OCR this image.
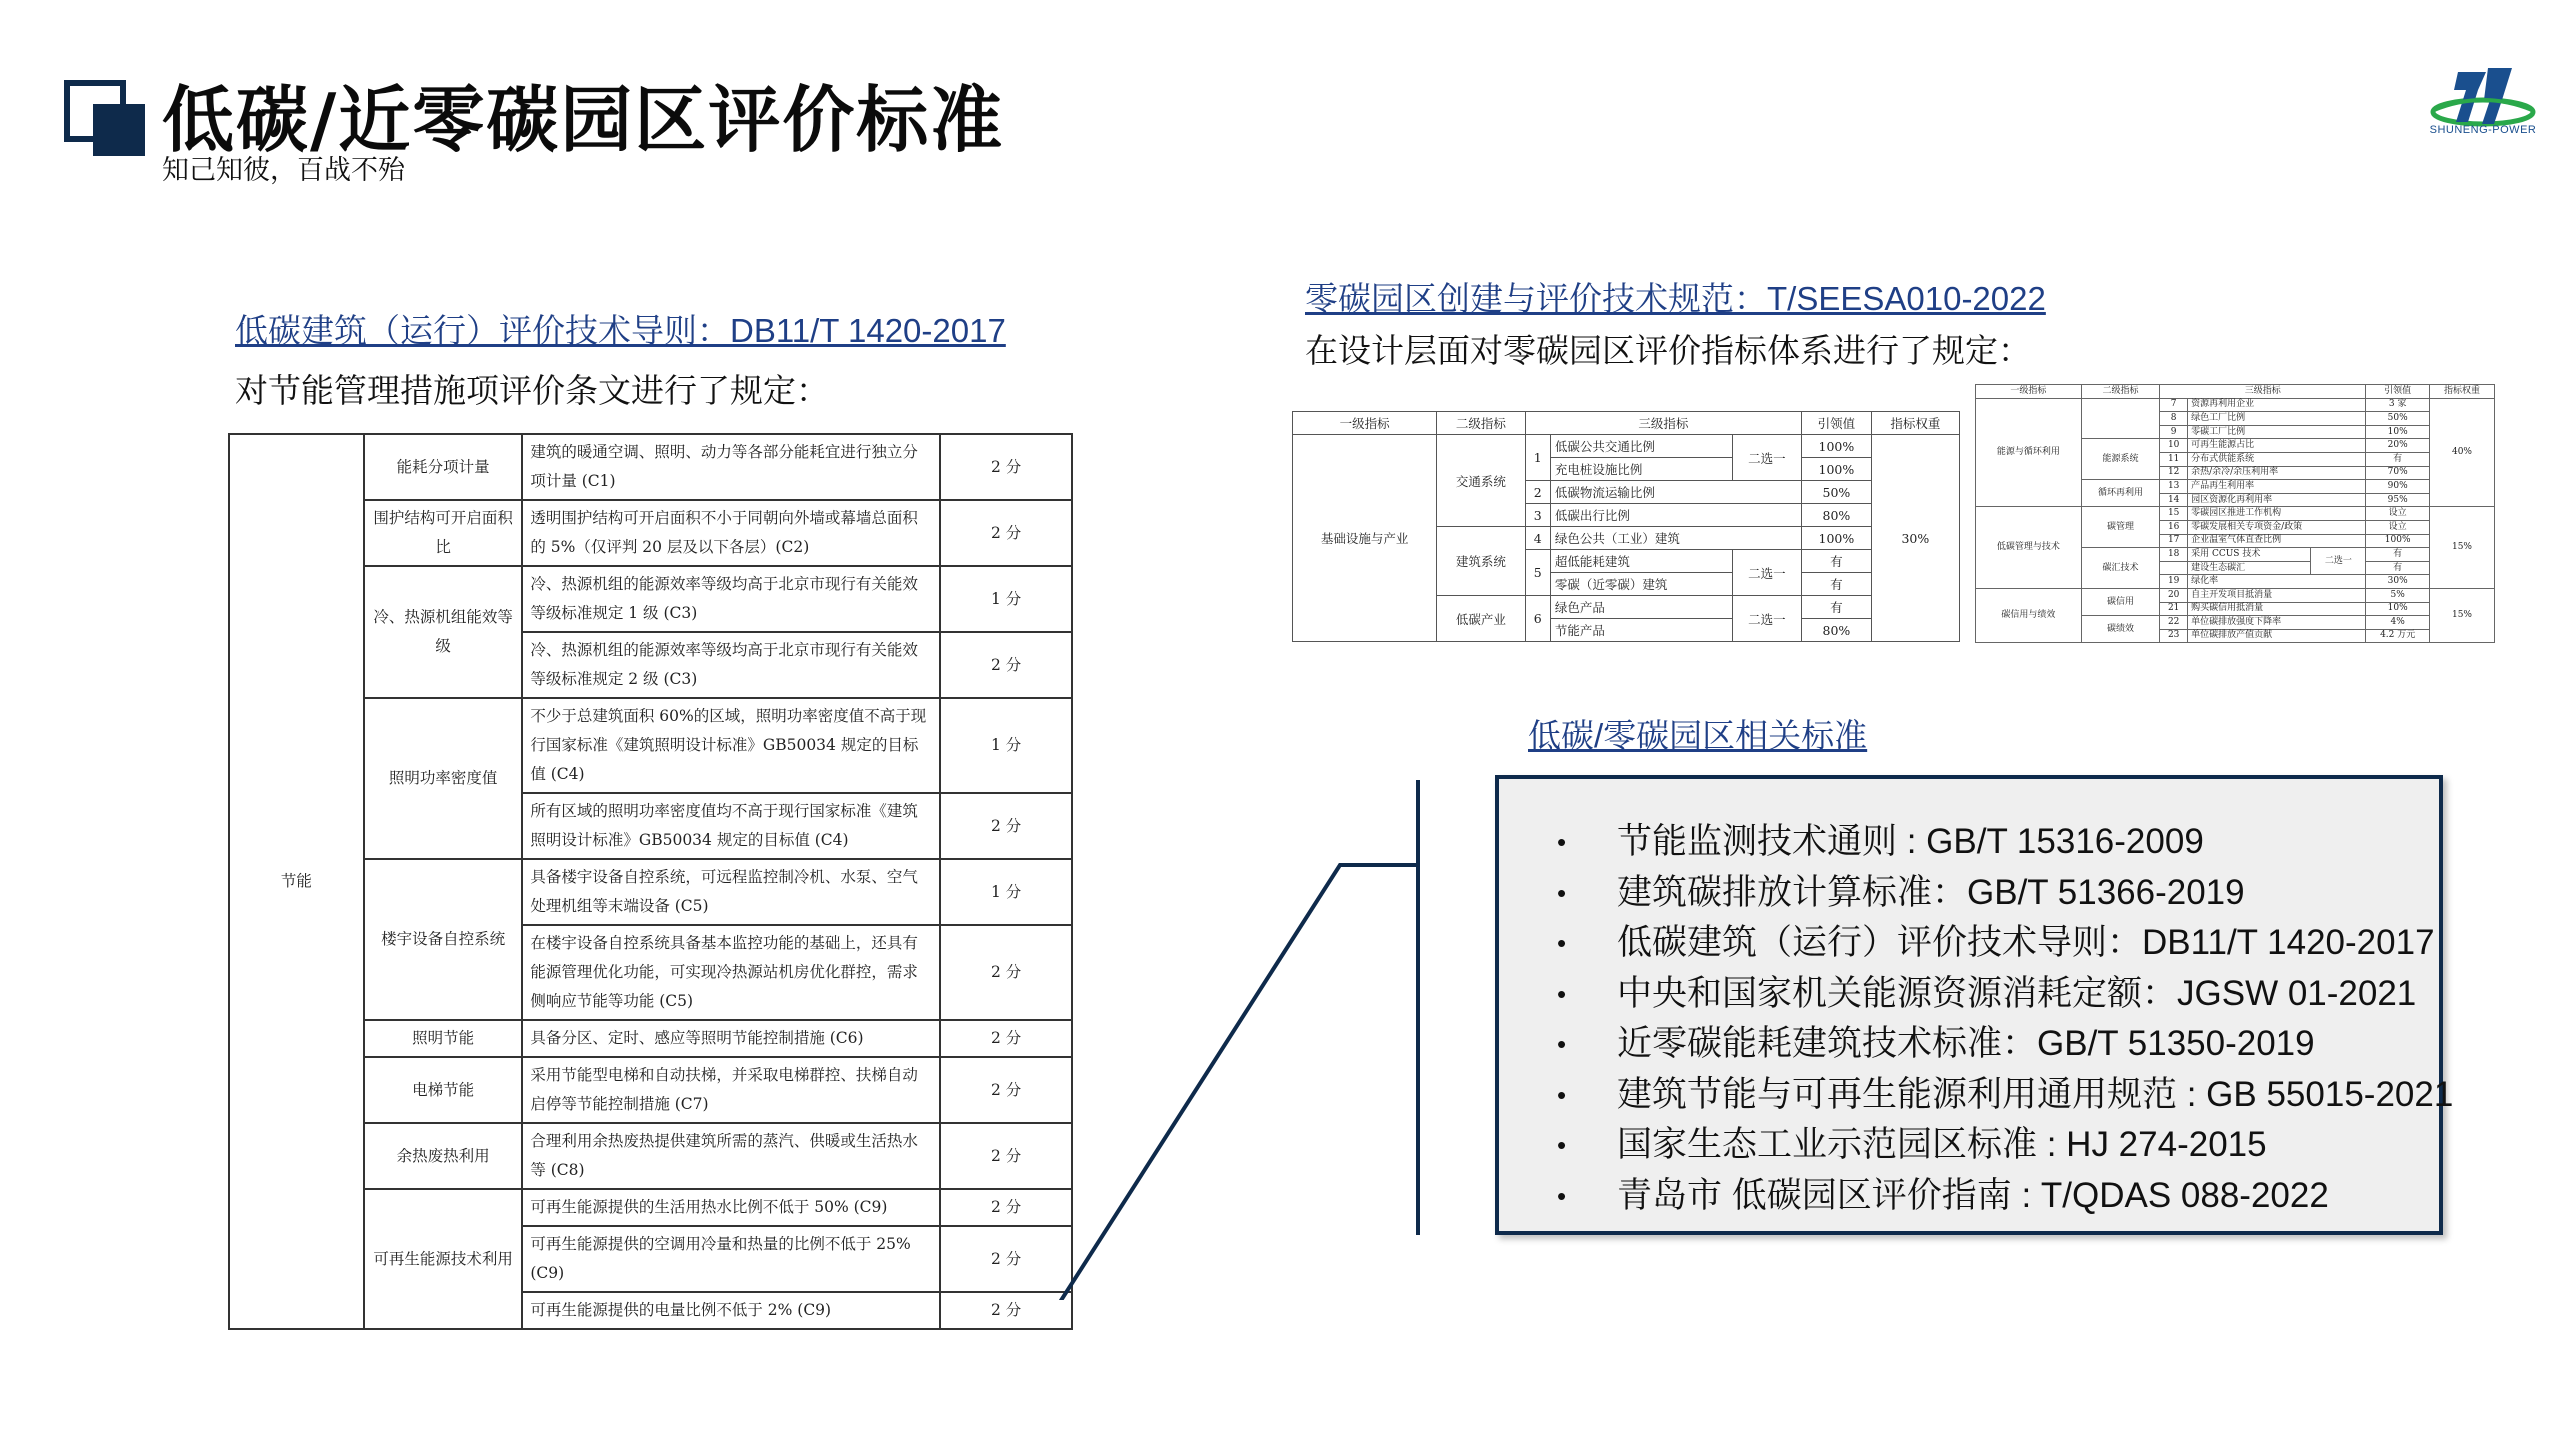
低碳/近零碳园区评价标准
知己知彼，百战不殆
SHUNENG-POWER
低碳建筑（运行）评价技术导则：DB11/T 1420-2017
对节能管理措施项评价条文进行了规定：
节能	能耗分项计量	建筑的暖通空调、照明、动力等各部分能耗宜进行独立分项计量 (C1)	2 分
	围护结构可开启面积比	透明围护结构可开启面积不小于同朝向外墙或幕墙总面积的 5%（仅评判 20 层及以下各层）(C2)	2 分
	冷、热源机组能效等级	冷、热源机组的能源效率等级均高于北京市现行有关能效等级标准规定 1 级 (C3)	1 分
		冷、热源机组的能源效率等级均高于北京市现行有关能效等级标准规定 2 级 (C3)	2 分
	照明功率密度值	不少于总建筑面积 60%的区域，照明功率密度值不高于现行国家标准《建筑照明设计标准》GB50034 规定的目标值 (C4)	1 分
		所有区域的照明功率密度值均不高于现行国家标准《建筑照明设计标准》GB50034 规定的目标值 (C4)	2 分
	楼宇设备自控系统	具备楼宇设备自控系统，可远程监控制冷机、水泵、空气处理机组等末端设备 (C5)	1 分
		在楼宇设备自控系统具备基本监控功能的基础上，还具有能源管理优化功能，可实现冷热源站机房优化群控，需求侧响应节能等功能 (C5)	2 分
	照明节能	具备分区、定时、感应等照明节能控制措施 (C6)	2 分
	电梯节能	采用节能型电梯和自动扶梯，并采取电梯群控、扶梯自动启停等节能控制措施 (C7)	2 分
	余热废热利用	合理利用余热废热提供建筑所需的蒸汽、供暖或生活热水等 (C8)	2 分
	可再生能源技术利用	可再生能源提供的生活用热水比例不低于 50% (C9)	2 分
		可再生能源提供的空调用冷量和热量的比例不低于 25% (C9)	2 分
		可再生能源提供的电量比例不低于 2% (C9)	2 分
零碳园区创建与评价技术规范：T/SEESA010-2022
在设计层面对零碳园区评价指标体系进行了规定：
一级指标	二级指标	三级指标			引领值	指标权重
基础设施与产业	交通系统	1	低碳公共交通比例	二选一	100%	30%
			充电桩设施比例		100%	
		2	低碳物流运输比例		50%	
		3	低碳出行比例		80%	
	建筑系统	4	绿色公共（工业）建筑		100%	
		5	超低能耗建筑	二选一	有	
			零碳（近零碳）建筑		有	
	低碳产业	6	绿色产品	二选一	有	
			节能产品		80%	
一级指标	二级指标	三级指标			引领值	指标权重
能源与循环利用		7	资源再利用企业		3 家	40%
		8	绿色工厂比例		50%	
		9	零碳工厂比例		10%	
	能源系统	10	可再生能源占比		20%	
		11	分布式供能系统		有	
		12	余热/余冷/余压利用率		70%	
	循环再利用	13	产品再生利用率		90%	
		14	园区资源化再利用率		95%	
低碳管理与技术	碳管理	15	零碳园区推进工作机构		设立	15%
		16	零碳发展相关专项资金/政策		设立	
		17	企业温室气体直查比例		100%	
	碳汇技术	18	采用 CCUS 技术	二选一	有	
			建设生态碳汇		有	
		19	绿化率		30%	
碳信用与绩效	碳信用	20	自主开发项目抵消量		5%	15%
		21	购买碳信用抵消量		10%	
	碳绩效	22	单位碳排放强度下降率		4%	
		23	单位碳排放产值贡献		4.2 万元	
低碳/零碳园区相关标准
• 节能监测技术通则 : GB/T 15316-2009
• 建筑碳排放计算标准：GB/T 51366-2019
• 低碳建筑（运行）评价技术导则：DB11/T 1420-2017
• 中央和国家机关能源资源消耗定额：JGSW 01-2021
• 近零碳能耗建筑技术标准：GB/T 51350-2019
• 建筑节能与可再生能源利用通用规范 : GB 55015-2021
• 国家生态工业示范园区标准 : HJ 274-2015
• 青岛市 低碳园区评价指南 : T/QDAS 088-2022
